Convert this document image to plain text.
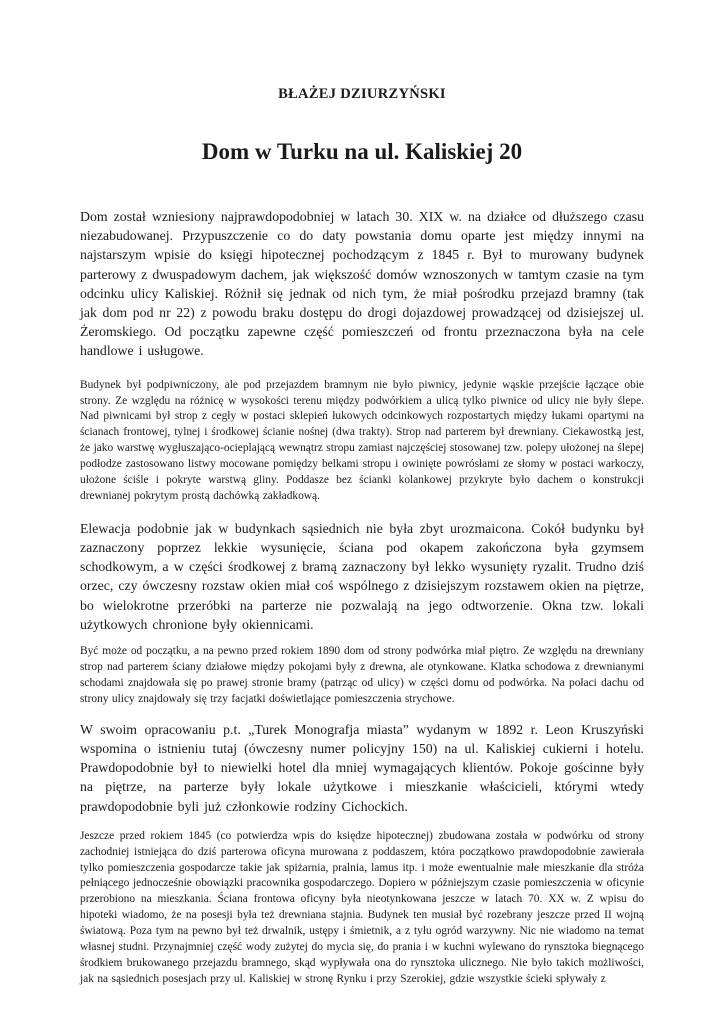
BŁAŻEJ DZIURZYŃSKI
Dom w Turku na ul. Kaliskiej 20

Dom został wzniesiony najprawdopodobniej w latach 30. XIX w. na działce od dłuższego czasu niezabudowanej. Przypuszczenie co do daty powstania domu oparte jest między innymi na najstarszym wpisie do księgi hipotecznej pochodzącym z 1845 r. Był to murowany budynek parterowy z dwuspadowym dachem, jak większość domów wznoszonych w tamtym czasie na tym odcinku ulicy Kaliskiej. Różnił się jednak od nich tym, że miał pośrodku przejazd bramny (tak jak dom pod nr 22) z powodu braku dostępu do drogi dojazdowej prowadzącej od dzisiejszej ul. Żeromskiego. Od początku zapewne część pomieszczeń od frontu przeznaczona była na cele handlowe i usługowe.

Budynek był podpiwniczony, ale pod przejazdem bramnym nie było piwnicy, jedynie wąskie przejście łączące obie strony. Ze względu na różnicę w wysokości terenu między podwórkiem a ulicą tylko piwnice od ulicy nie były ślepe. Nad piwnicami był strop z cegły w postaci sklepień łukowych odcinkowych rozpostartych między łukami opartymi na ścianach frontowej, tylnej i środkowej ścianie nośnej (dwa trakty). Strop nad parterem był drewniany. Ciekawostką jest, że jako warstwę wygłuszająco-ocieplającą wewnątrz stropu zamiast najczęściej stosowanej tzw. polepy ułożonej na ślepej podłodze zastosowano listwy mocowane pomiędzy belkami stropu i owinięte powrósłami ze słomy w postaci warkoczy, ułożone ściśle i pokryte warstwą gliny. Poddasze bez ścianki kolankowej przykryte było dachem o konstrukcji drewnianej pokrytym prostą dachówką zakładkową.

Elewacja podobnie jak w budynkach sąsiednich nie była zbyt urozmaicona. Cokół budynku był zaznaczony poprzez lekkie wysunięcie, ściana pod okapem zakończona była gzymsem schodkowym, a w części środkowej z bramą zaznaczony był lekko wysunięty ryzalit. Trudno dziś orzec, czy ówczesny rozstaw okien miał coś wspólnego z dzisiejszym rozstawem okien na piętrze, bo wielokrotne przeróbki na parterze nie pozwalają na jego odtworzenie. Okna tzw. lokali użytkowych chronione były okiennicami.

Być może od początku, a na pewno przed rokiem 1890 dom od strony podwórka miał piętro. Ze względu na drewniany strop nad parterem ściany działowe między pokojami były z drewna, ale otynkowane. Klatka schodowa z drewnianymi schodami znajdowała się po prawej stronie bramy (patrząc od ulicy) w części domu od podwórka. Na połaci dachu od strony ulicy znajdowały się trzy facjatki doświetlające pomieszczenia strychowe.

W swoim opracowaniu p.t. „Turek Monografja miasta” wydanym w 1892 r. Leon Kruszyński wspomina o istnieniu tutaj (ówczesny numer policyjny 150) na ul. Kaliskiej cukierni i hotelu. Prawdopodobnie był to niewielki hotel dla mniej wymagających klientów. Pokoje gościnne były na piętrze, na parterze były lokale użytkowe i mieszkanie właścicieli, którymi wtedy prawdopodobnie byli już członkowie rodziny Cichockich.

Jeszcze przed rokiem 1845 (co potwierdza wpis do księdze hipotecznej) zbudowana została w podwórku od strony zachodniej istniejąca do dziś parterowa oficyna murowana z poddaszem, która początkowo prawdopodobnie zawierała tylko pomieszczenia gospodarcze takie jak spiżarnia, pralnia, lamus itp. i może ewentualnie małe mieszkanie dla stróża pełniącego jednocześnie obowiązki pracownika gospodarczego. Dopiero w późniejszym czasie pomieszczenia w oficynie przerobiono na mieszkania. Ściana frontowa oficyny była nieotynkowana jeszcze w latach 70. XX w. Z wpisu do hipoteki wiadomo, że na posesji była też drewniana stajnia. Budynek ten musiał być rozebrany jeszcze przed II wojną światową. Poza tym na pewno był też drwalnik, ustępy i śmietnik, a z tyłu ogród warzywny. Nic nie wiadomo na temat własnej studni. Przynajmniej część wody zużytej do mycia się, do prania i w kuchni wylewano do rynsztoka biegnącego środkiem brukowanego przejazdu bramnego, skąd wypływała ona do rynsztoka ulicznego. Nie było takich możliwości, jak na sąsiednich posesjach przy ul. Kaliskiej w stronę Rynku i przy Szerokiej, gdzie wszystkie ścieki spływały z
